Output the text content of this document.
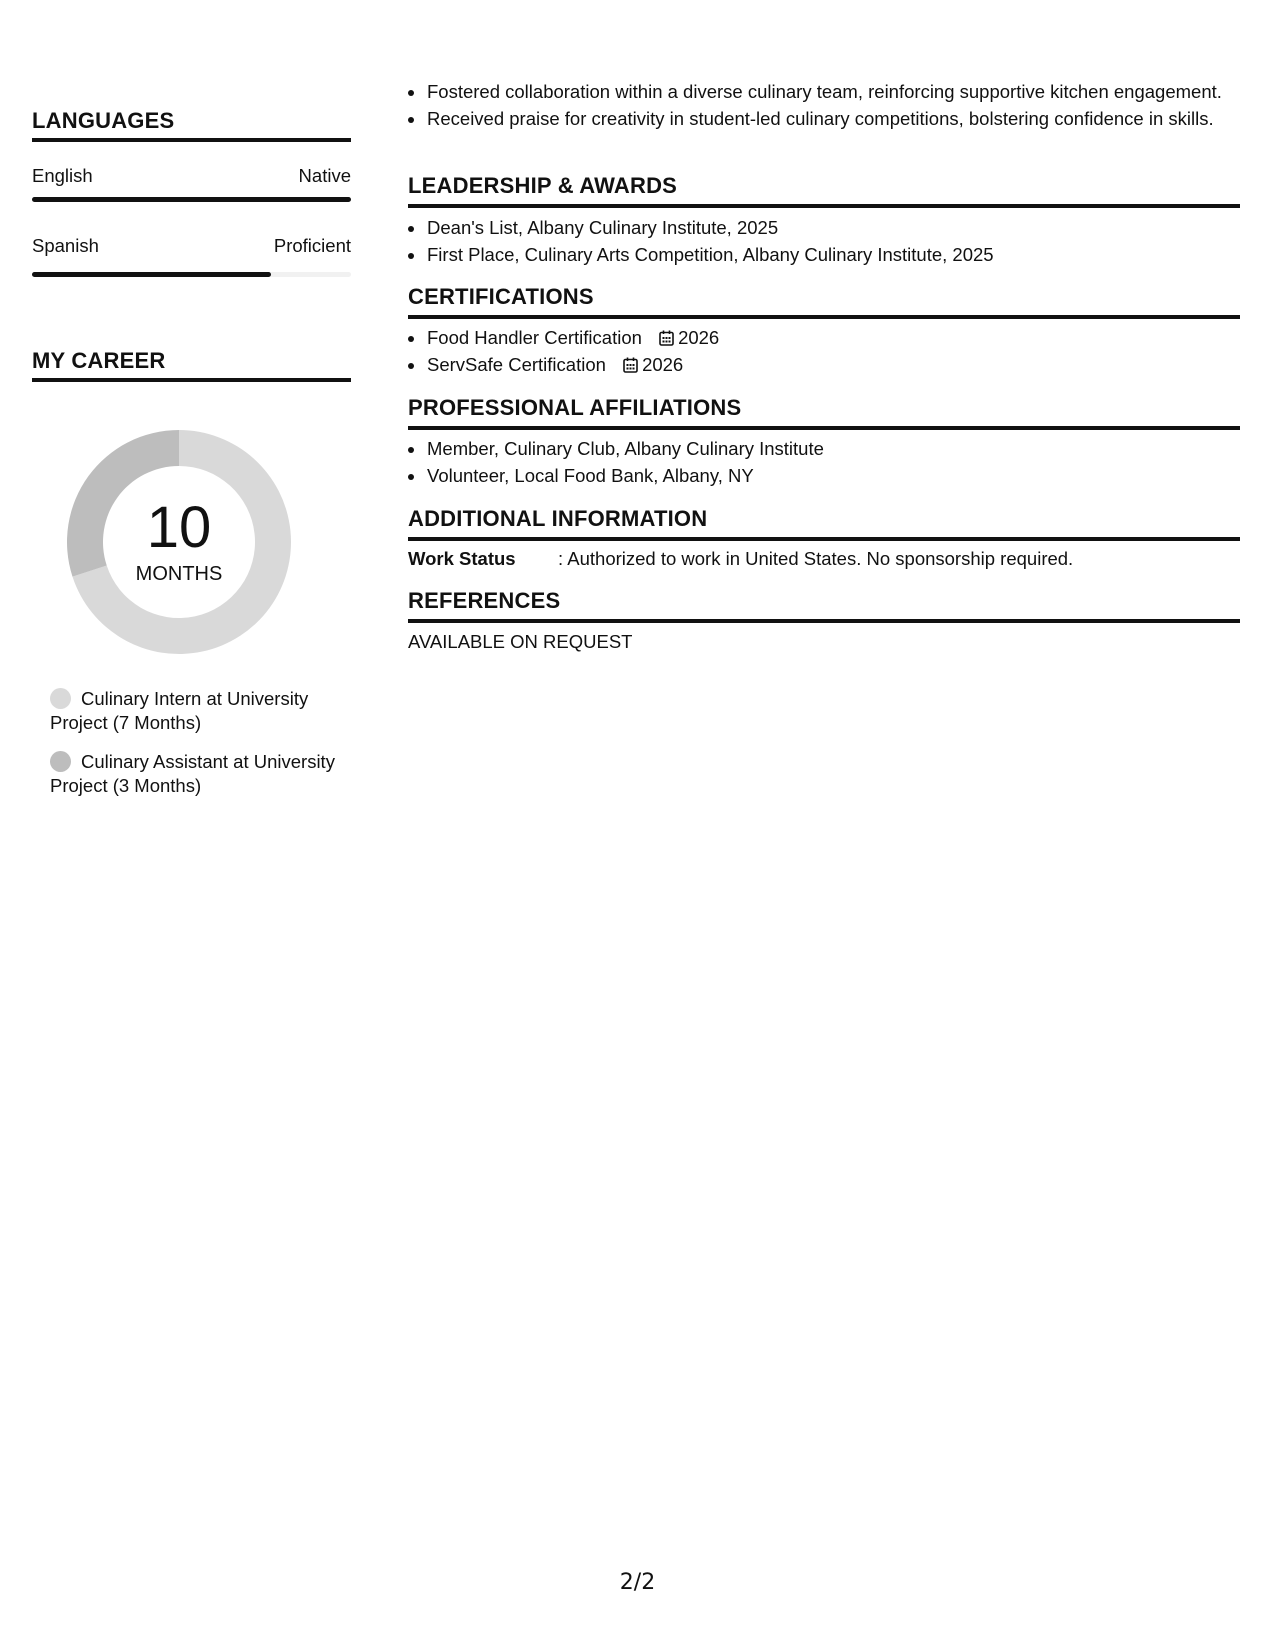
LANGUAGES
English	Native
Spanish	Proficient
MY CAREER
10
MONTHS
Culinary Intern at University Project (7 Months)
Culinary Assistant at University Project (3 Months)
• Fostered collaboration within a diverse culinary team, reinforcing supportive kitchen engagement.
• Received praise for creativity in student-led culinary competitions, bolstering confidence in skills.
LEADERSHIP & AWARDS
• Dean's List, Albany Culinary Institute, 2025
• First Place, Culinary Arts Competition, Albany Culinary Institute, 2025
CERTIFICATIONS
• Food Handler Certification 2026
• ServSafe Certification 2026
PROFESSIONAL AFFILIATIONS
• Member, Culinary Club, Albany Culinary Institute
• Volunteer, Local Food Bank, Albany, NY
ADDITIONAL INFORMATION
Work Status	: Authorized to work in United States. No sponsorship required.
REFERENCES
AVAILABLE ON REQUEST
2/2
